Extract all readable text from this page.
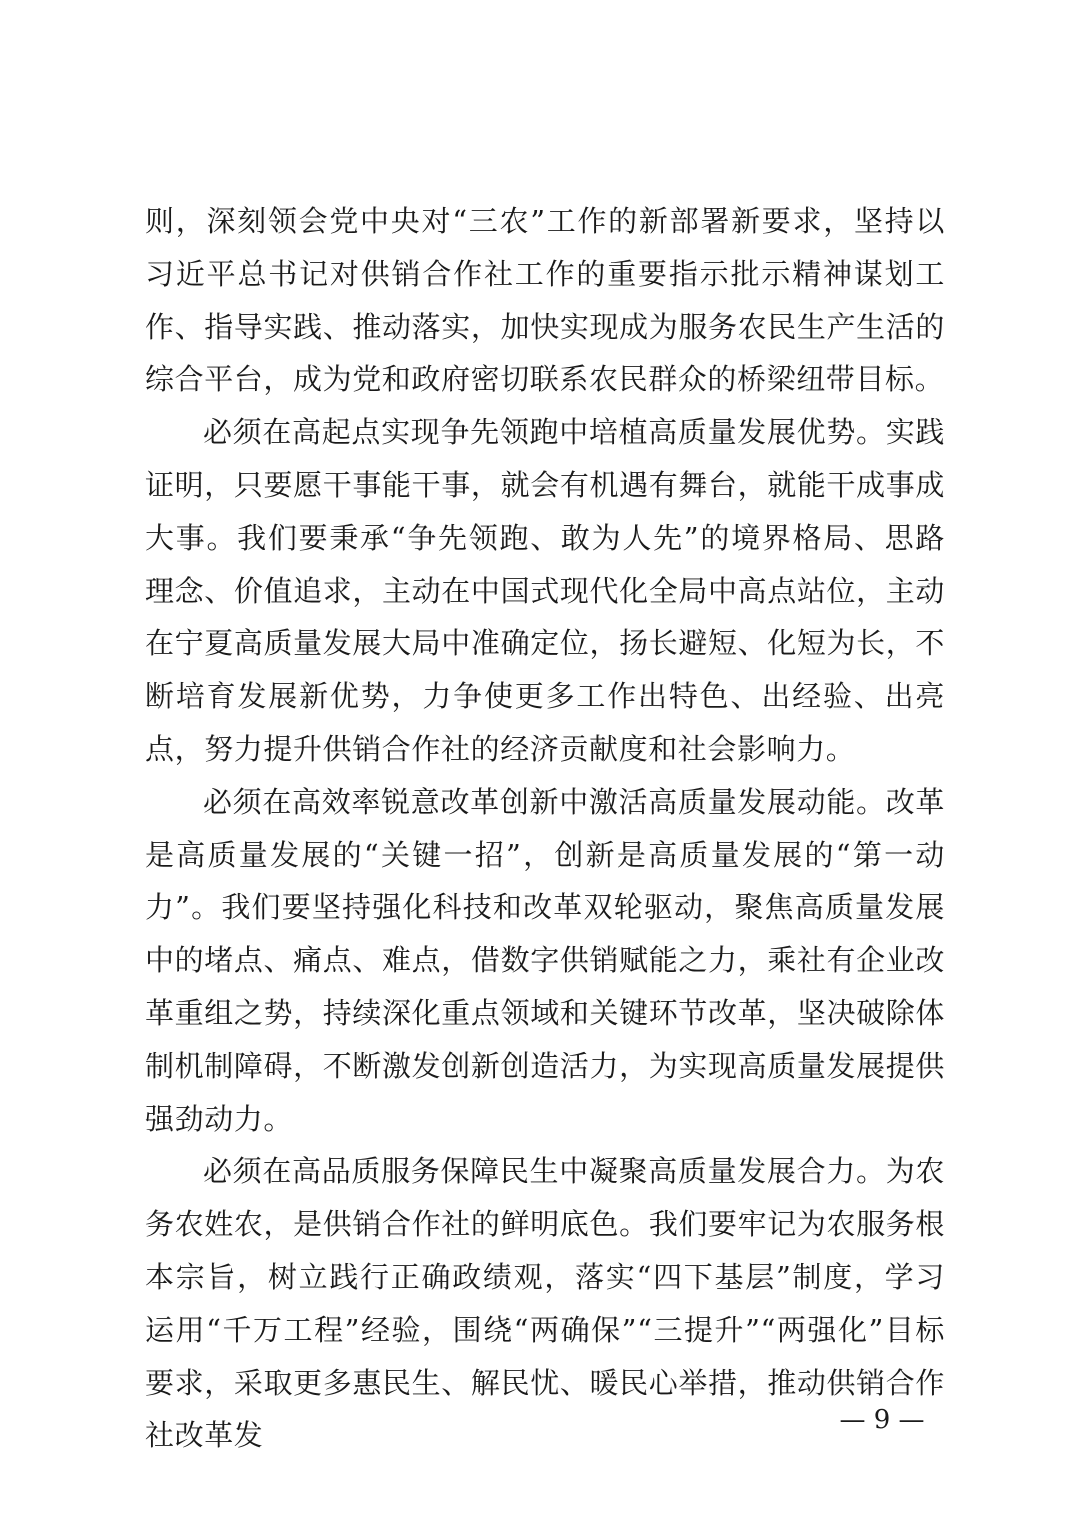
则，深刻领会党中央对“三农”工作的新部署新要求，坚持以习近平总书记对供销合作社工作的重要指示批示精神谋划工作、指导实践、推动落实，加快实现成为服务农民生产生活的综合平台，成为党和政府密切联系农民群众的桥梁纽带目标。

必须在高起点实现争先领跑中培植高质量发展优势。实践证明，只要愿干事能干事，就会有机遇有舞台，就能干成事成大事。我们要秉承“争先领跑、敢为人先”的境界格局、思路理念、价值追求，主动在中国式现代化全局中高点站位，主动在宁夏高质量发展大局中准确定位，扬长避短、化短为长，不断培育发展新优势，力争使更多工作出特色、出经验、出亮点，努力提升供销合作社的经济贡献度和社会影响力。

必须在高效率锐意改革创新中激活高质量发展动能。改革是高质量发展的“关键一招”，创新是高质量发展的“第一动力”。我们要坚持强化科技和改革双轮驱动，聚焦高质量发展中的堵点、痛点、难点，借数字供销赋能之力，乘社有企业改革重组之势，持续深化重点领域和关键环节改革，坚决破除体制机制障碍，不断激发创新创造活力，为实现高质量发展提供强劲动力。

必须在高品质服务保障民生中凝聚高质量发展合力。为农务农姓农，是供销合作社的鲜明底色。我们要牢记为农服务根本宗旨，树立践行正确政绩观，落实“四下基层”制度，学习运用“千万工程”经验，围绕“两确保”“三提升”“两强化”目标要求，采取更多惠民生、解民忧、暖民心举措，推动供销合作社改革发	— 9 —
